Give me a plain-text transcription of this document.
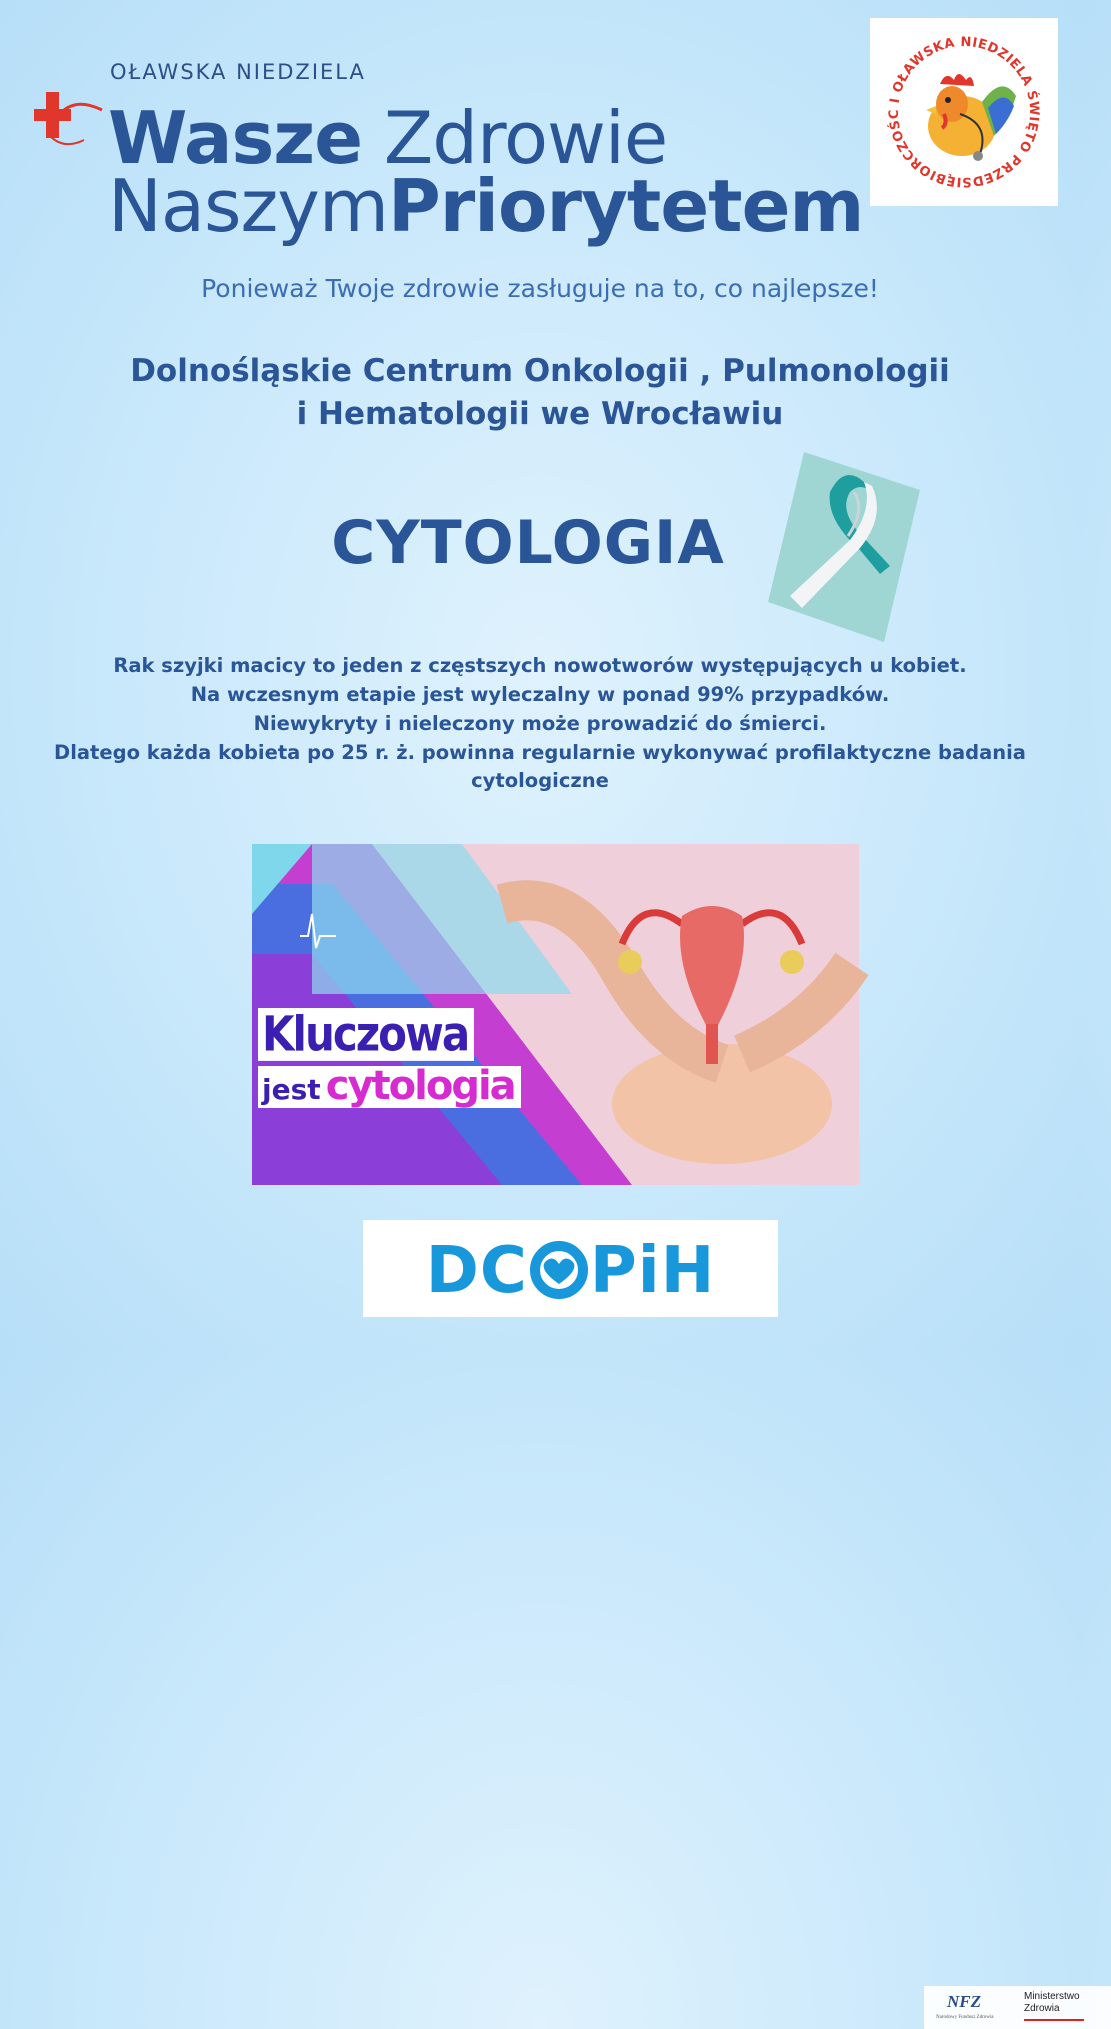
OŁAWSKA NIEDZIELA
Wasze Zdrowie
NaszymPriorytetem
I OŁAWSKA NIEDZIELA ŚWIĘTO PRZEDSIĘBIORCZOŚC
Ponieważ Twoje zdrowie zasługuje na to, co najlepsze!
Dolnośląskie Centrum Onkologii , Pulmonologii
i Hematologii we Wrocławiu
CYTOLOGIA
Rak szyjki macicy to jeden z częstszych nowotworów występujących u kobiet.
Na wczesnym etapie jest wyleczalny w ponad 99% przypadków.
Niewykryty i nieleczony może prowadzić do śmierci.
Dlatego każda kobieta po 25 r. ż. powinna regularnie wykonywać profilaktyczne badania cytologiczne
NFZ
Narodowy Fundusz Zdrowia
Ministerstwo
Zdrowia
Kluczowa
jest cytologia
DC PiH
